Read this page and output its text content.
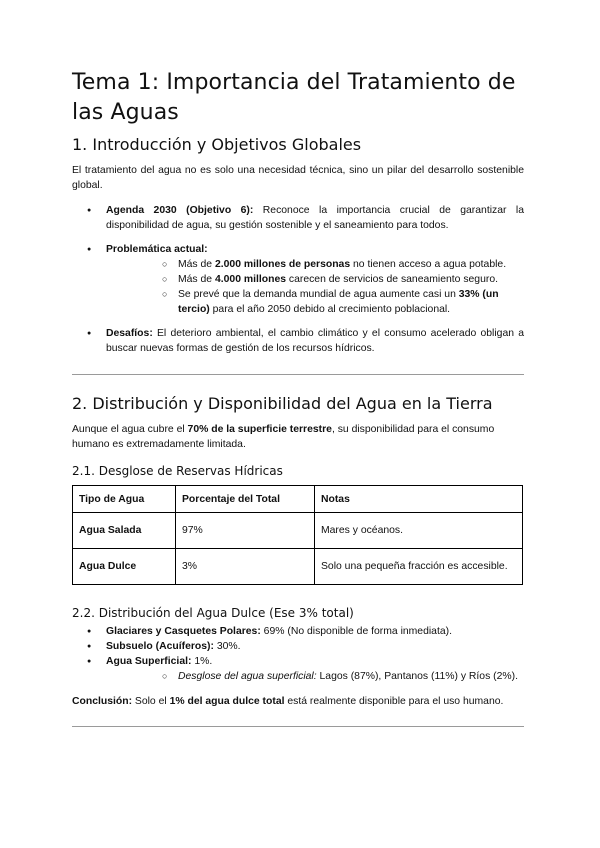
Tema 1: Importancia del Tratamiento de las Aguas
1. Introducción y Objetivos Globales

El tratamiento del agua no es solo una necesidad técnica, sino un pilar del desarrollo sostenible global.

● Agenda 2030 (Objetivo 6): Reconoce la importancia crucial de garantizar la disponibilidad de agua, su gestión sostenible y el saneamiento para todos.
● Problemática actual:
○ Más de 2.000 millones de personas no tienen acceso a agua potable.
○ Más de 4.000 millones carecen de servicios de saneamiento seguro.
○ Se prevé que la demanda mundial de agua aumente casi un 33% (un tercio) para el año 2050 debido al crecimiento poblacional.
● Desafíos: El deterioro ambiental, el cambio climático y el consumo acelerado obligan a buscar nuevas formas de gestión de los recursos hídricos.
2. Distribución y Disponibilidad del Agua en la Tierra

Aunque el agua cubre el 70% de la superficie terrestre, su disponibilidad para el consumo humano es extremadamente limitada.

2.1. Desglose de Reservas Hídricas
Tipo de Agua	Porcentaje del Total	Notas
Agua Salada	97%	Mares y océanos.
Agua Dulce	3%	Solo una pequeña fracción es accesible.
2.2. Distribución del Agua Dulce (Ese 3% total)
● Glaciares y Casquetes Polares: 69% (No disponible de forma inmediata).
● Subsuelo (Acuíferos): 30%.
● Agua Superficial: 1%.
○ Desglose del agua superficial: Lagos (87%), Pantanos (11%) y Ríos (2%).

Conclusión: Solo el 1% del agua dulce total está realmente disponible para el uso humano.
